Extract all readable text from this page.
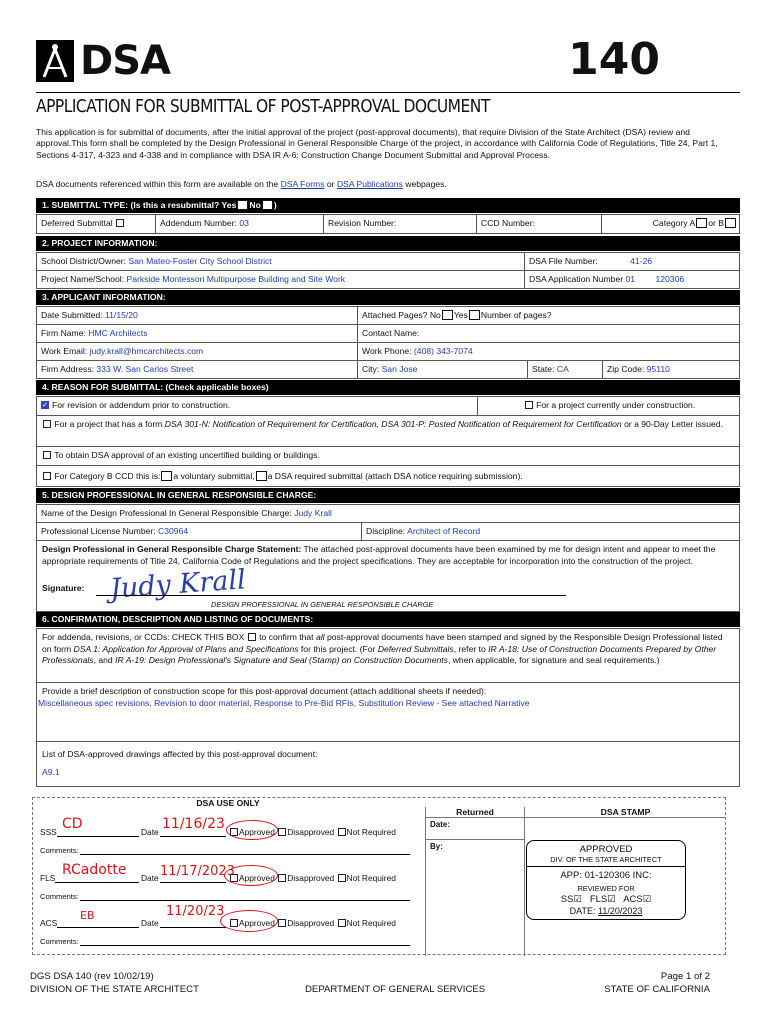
DSA	140
APPLICATION FOR SUBMITTAL OF POST-APPROVAL DOCUMENT
This application is for submittal of documents, after the initial approval of the project (post-approval documents), that require Division of the State Architect (DSA) review and approval.This form shall be completed by the Design Professional in General Responsible Charge of the project, in accordance with California Code of Regulations, Title 24, Part 1, Sections 4-317, 4-323 and 4-338 and in compliance with DSA IR A-6: Construction Change Document Submittal and Approval Process.
DSA documents referenced within this form are available on the DSA Forms or DSA Publications webpages.
1. SUBMITTAL TYPE: (Is this a resubmittal? Yes No )
Deferred Submittal	Addendum Number: 03	Revision Number:	CCD Number:	Category A or B
2. PROJECT INFORMATION:
School District/Owner: San Mateo-Foster City School District	DSA File Number:	41-26
Project Name/School: Parkside Montessori Multipurpose Building and Site Work	DSA Application Number 01 120306
3. APPLICANT INFORMATION:
Date Submitted: 11/15/20	Attached Pages? No Yes Number of pages?
Firm Name: HMC Architects	Contact Name:
Work Email: judy.krall@hmcarchitects.com	Work Phone: (408) 343-7074
Firm Address: 333 W. San Carlos Street	City: San Jose	State: CA	Zip Code: 95110
4. REASON FOR SUBMITTAL: (Check applicable boxes)
✓For revision or addendum prior to construction.	For a project currently under construction.
For a project that has a form DSA 301-N: Notification of Requirement for Certification, DSA 301-P: Posted Notification of Requirement for Certification or a 90-Day Letter issued.
To obtain DSA approval of an existing uncertified building or buildings.
For Category B CCD this is: a voluntary submittal, a DSA required submittal (attach DSA notice requiring submission).
5. DESIGN PROFESSIONAL IN GENERAL RESPONSIBLE CHARGE:
Name of the Design Professional In General Responsible Charge: Judy Krall
Professional License Number: C30964	Discipline: Architect of Record
Design Professional in General Responsible Charge Statement: The attached post-approval documents have been examined by me for design intent and appear to meet the appropriate requirements of Title 24, California Code of Regulations and the project specifications. They are acceptable for incorporation into the construction of the project.
Signature:
DESIGN PROFESSIONAL IN GENERAL RESPONSIBLE CHARGE
Judy Krall
6. CONFIRMATION, DESCRIPTION AND LISTING OF DOCUMENTS:
For addenda, revisions, or CCDs: CHECK THIS BOX  to confirm that all post-approval documents have been stamped and signed by the Responsible Design Professional listed on form DSA 1: Application for Approval of Plans and Specifications for this project. (For Deferred Submittals, refer to IR A-18: Use of Construction Documents Prepared by Other Professionals, and IR A-19: Design Professional's Signature and Seal (Stamp) on Construction Documents, when applicable, for signature and seal requirements.)
Provide a brief description of construction scope for this post-approval document (attach additional sheets if needed):
Miscellaneous spec revisions, Revision to door material, Response to Pre-Bid RFIs, Substitution Review - See attached Narrative
List of DSA-approved drawings affected by this post-approval document:
A9.1
DSA USE ONLY
Returned
Date:
By:
DSA STAMP
SSS CD	Date 11/16/23	Approved Disapproved Not Required
Comments:
FLS RCadotte Date 11/17/2023 Approved Disapproved Not Required
Comments:
ACS
EB
Date
11/20/23
Approved Disapproved Not Required
Comments:
APPROVED
DIV. OF THE STATE ARCHITECT
APP: 01-120306 INC:
REVIEWED FOR
SS☑   FLS☑   ACS☑
DATE: 11/20/2023
DGS DSA 140 (rev 10/02/19)
DIVISION OF THE STATE ARCHITECT	DEPARTMENT OF GENERAL SERVICES
Page 1 of 2
STATE OF CALIFORNIA
